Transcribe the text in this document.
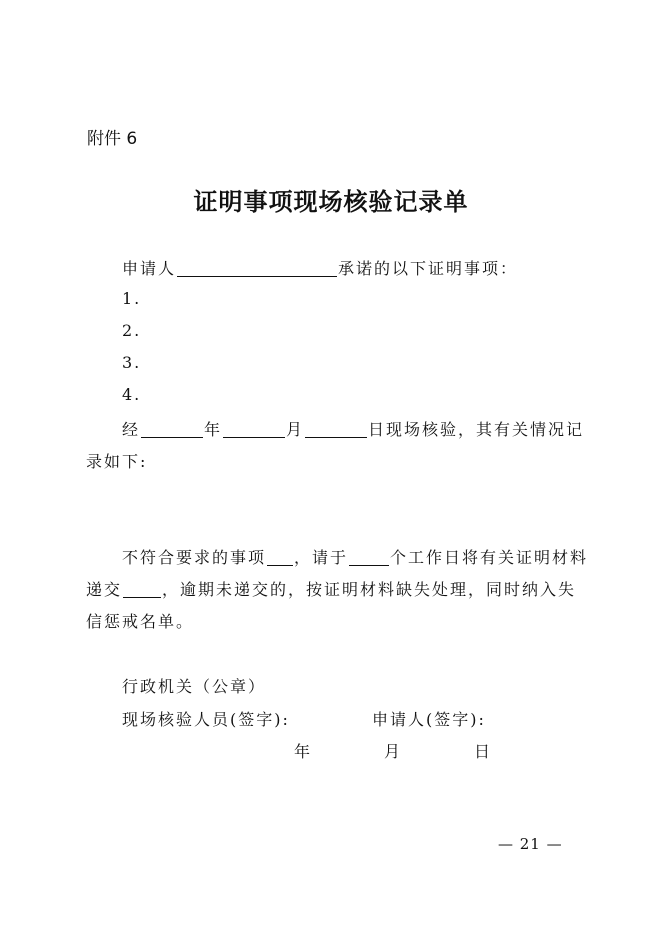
附件 6
证明事项现场核验记录单
申请人	承诺的以下证明事项：
1.
2.
3.
4.
经	年	月	日现场核验，其有关情况记
录如下:
不符合要求的事项 ，请于	个工作日将有关证明材料
递交	，逾期未递交的，按证明材料缺失处理，同时纳入失
信惩戒名单。
行政机关（公章）
现场核验人员(签字):	申请人(签字):
年	月	日
— 21 —
